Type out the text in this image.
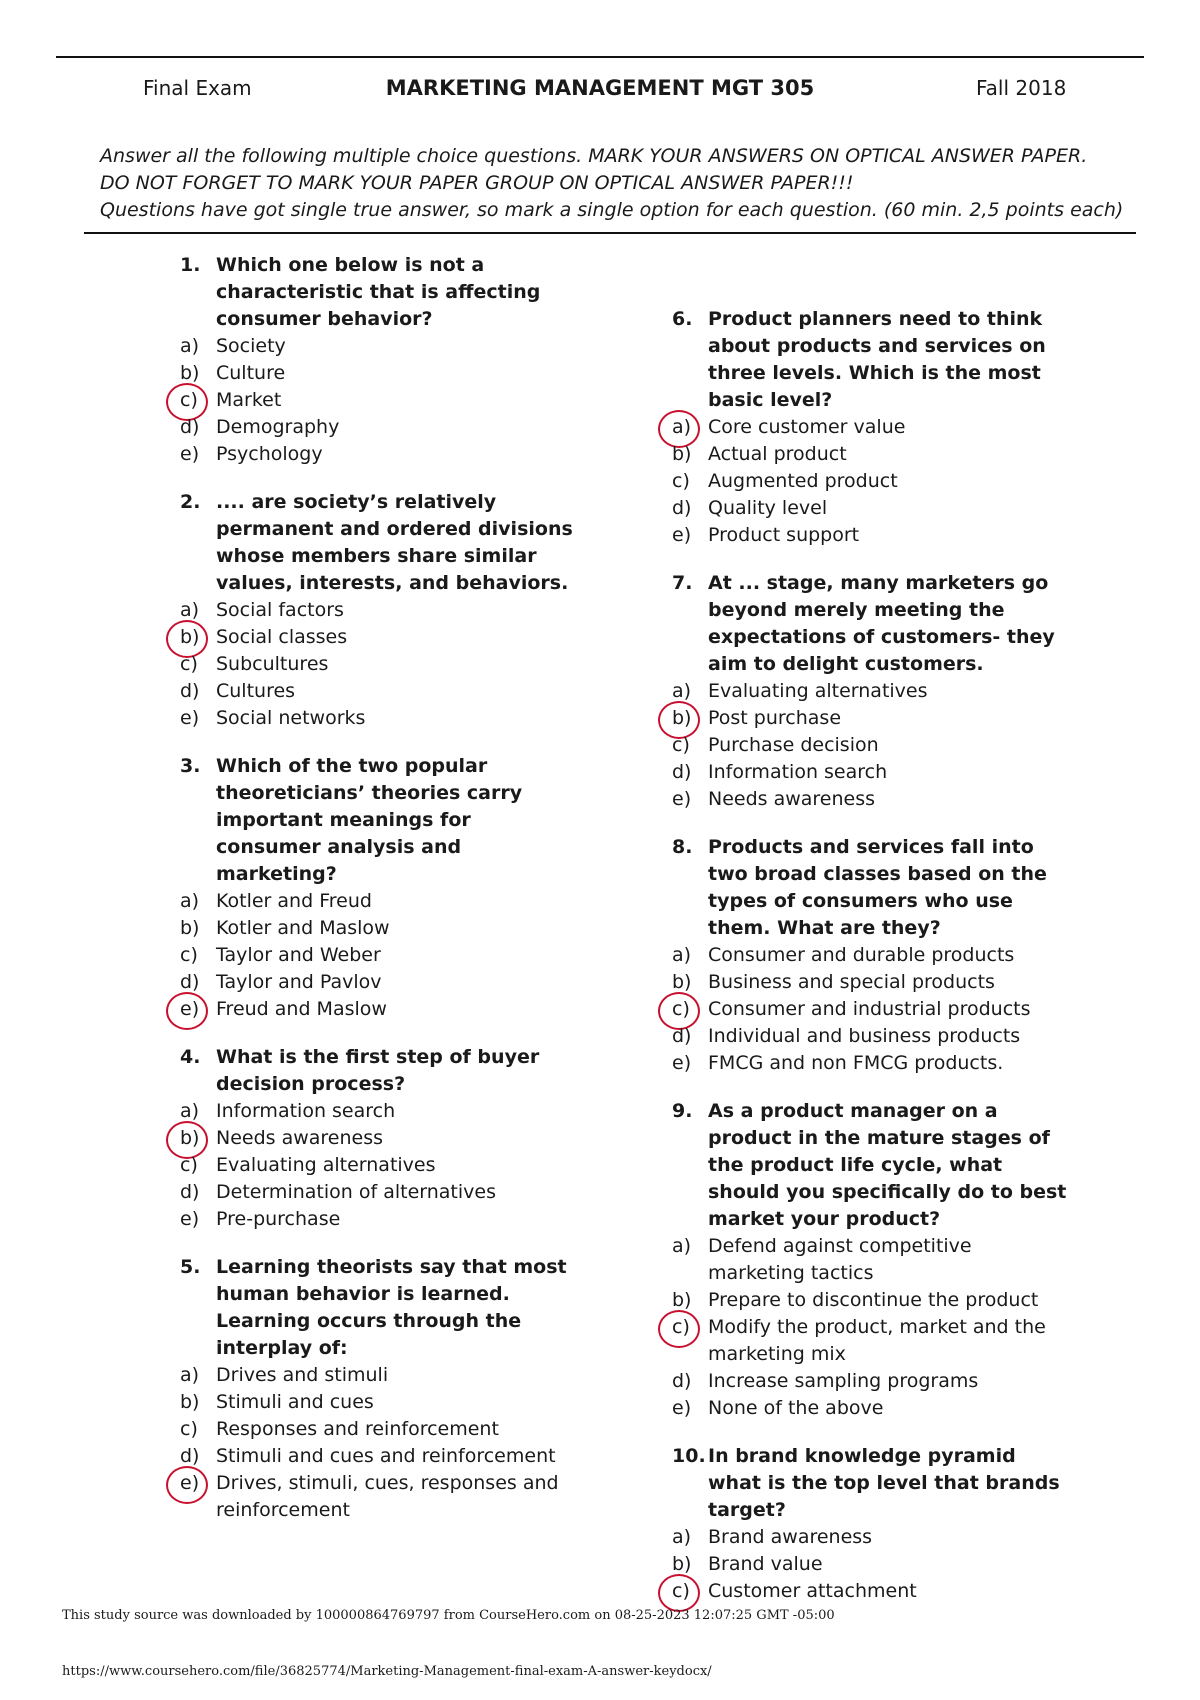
Final Exam	MARKETING MANAGEMENT MGT 305	Fall 2018
Answer all the following multiple choice questions. MARK YOUR ANSWERS ON OPTICAL ANSWER PAPER.
DO NOT FORGET TO MARK YOUR PAPER GROUP ON OPTICAL ANSWER PAPER!!!
Questions have got single true answer, so mark a single option for each question. (60 min. 2,5 points each)
1. Which one below is not a characteristic that is affecting consumer behavior?
a) Society
b) Culture
c) Market
d) Demography
e) Psychology
2. .... are society’s relatively permanent and ordered divisions whose members share similar values, interests, and behaviors.
a) Social factors
b) Social classes
c) Subcultures
d) Cultures
e) Social networks
3. Which of the two popular theoreticians’ theories carry important meanings for consumer analysis and marketing?
a) Kotler and Freud
b) Kotler and Maslow
c) Taylor and Weber
d) Taylor and Pavlov
e) Freud and Maslow
4. What is the first step of buyer decision process?
a) Information search
b) Needs awareness
c) Evaluating alternatives
d) Determination of alternatives
e) Pre-purchase
5. Learning theorists say that most human behavior is learned. Learning occurs through the interplay of:
a) Drives and stimuli
b) Stimuli and cues
c) Responses and reinforcement
d) Stimuli and cues and reinforcement
e) Drives, stimuli, cues, responses and reinforcement
6. Product planners need to think about products and services on three levels. Which is the most basic level?
a) Core customer value
b) Actual product
c) Augmented product
d) Quality level
e) Product support
7. At ... stage, many marketers go beyond merely meeting the expectations of customers- they aim to delight customers.
a) Evaluating alternatives
b) Post purchase
c) Purchase decision
d) Information search
e) Needs awareness
8. Products and services fall into two broad classes based on the types of consumers who use them. What are they?
a) Consumer and durable products
b) Business and special products
c) Consumer and industrial products
d) Individual and business products
e) FMCG and non FMCG products.
9. As a product manager on a product in the mature stages of the product life cycle, what should you specifically do to best market your product?
a) Defend against competitive marketing tactics
b) Prepare to discontinue the product
c) Modify the product, market and the marketing mix
d) Increase sampling programs
e) None of the above
10. In brand knowledge pyramid what is the top level that brands target?
a) Brand awareness
b) Brand value
c) Customer attachment
This study source was downloaded by 100000864769797 from CourseHero.com on 08-25-2023 12:07:25 GMT -05:00
https://www.coursehero.com/file/36825774/Marketing-Management-final-exam-A-answer-keydocx/
